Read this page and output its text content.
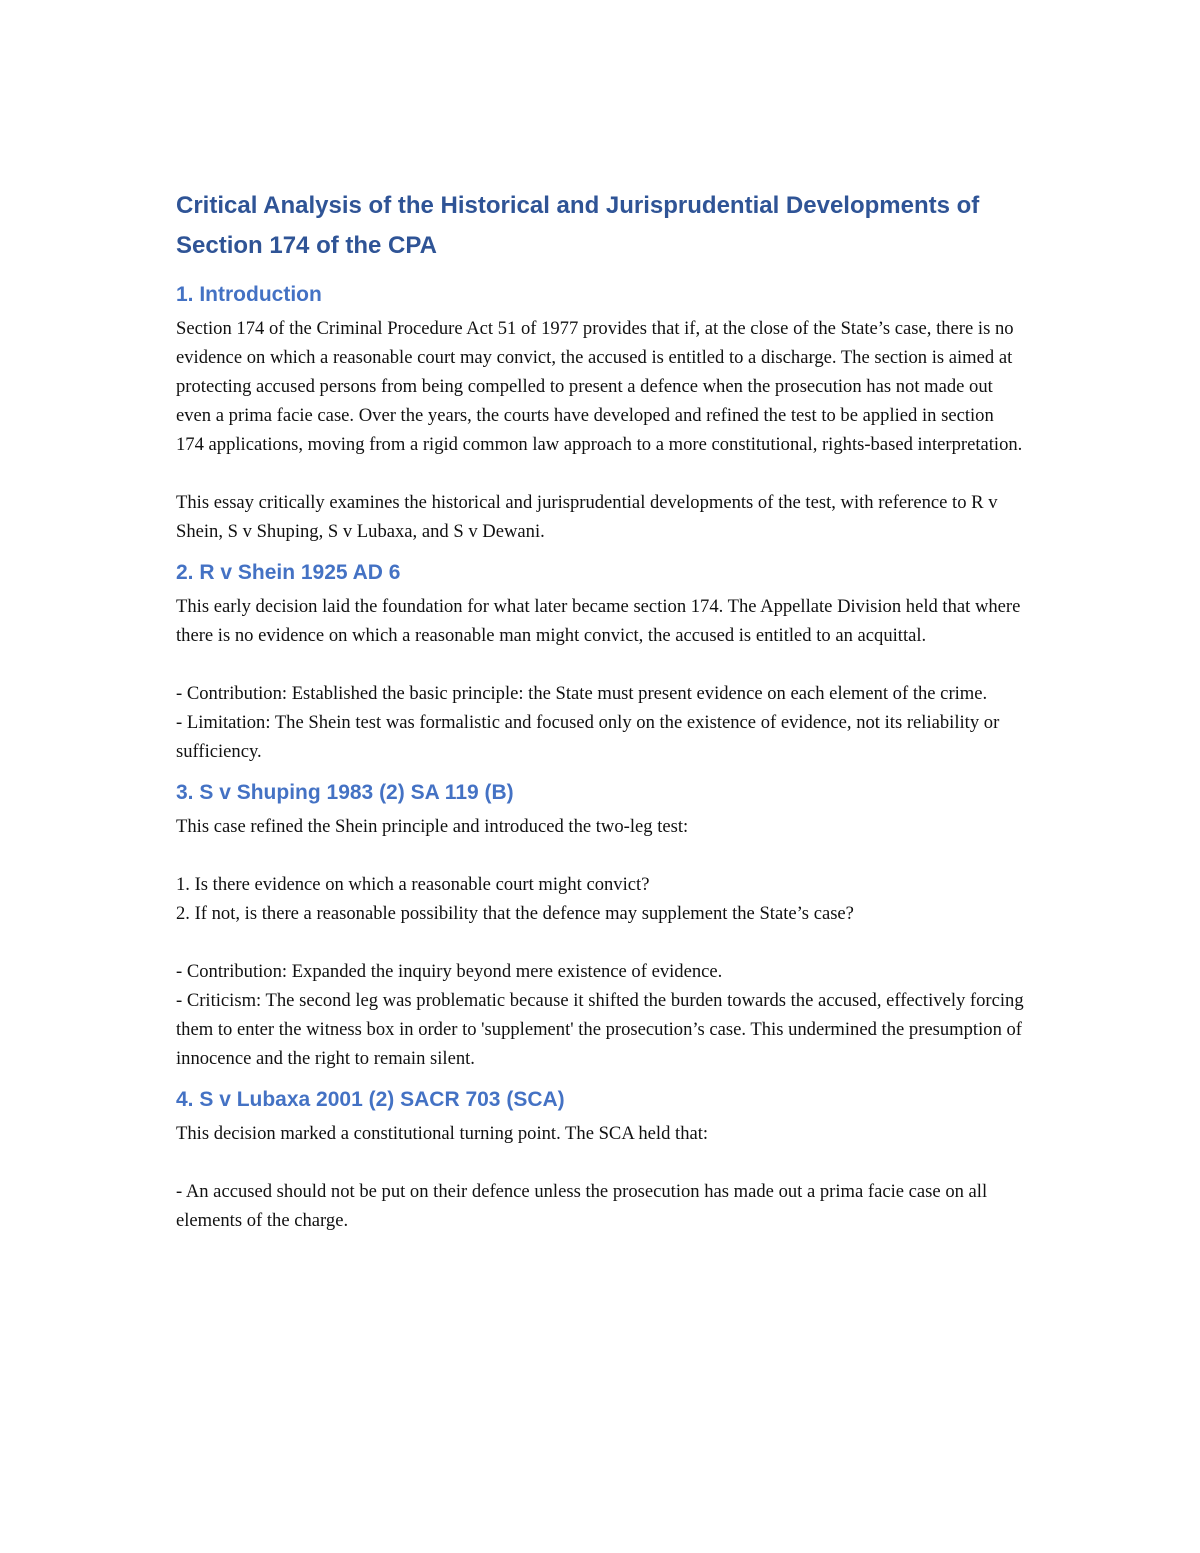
Critical Analysis of the Historical and Jurisprudential Developments of Section 174 of the CPA
1. Introduction

Section 174 of the Criminal Procedure Act 51 of 1977 provides that if, at the close of the State’s case, there is no evidence on which a reasonable court may convict, the accused is entitled to a discharge. The section is aimed at protecting accused persons from being compelled to present a defence when the prosecution has not made out even a prima facie case. Over the years, the courts have developed and refined the test to be applied in section 174 applications, moving from a rigid common law approach to a more constitutional, rights-based interpretation.

This essay critically examines the historical and jurisprudential developments of the test, with reference to R v Shein, S v Shuping, S v Lubaxa, and S v Dewani.

2. R v Shein 1925 AD 6

This early decision laid the foundation for what later became section 174. The Appellate Division held that where there is no evidence on which a reasonable man might convict, the accused is entitled to an acquittal.

- Contribution: Established the basic principle: the State must present evidence on each element of the crime.

- Limitation: The Shein test was formalistic and focused only on the existence of evidence, not its reliability or sufficiency.

3. S v Shuping 1983 (2) SA 119 (B)

This case refined the Shein principle and introduced the two-leg test:

1. Is there evidence on which a reasonable court might convict?

2. If not, is there a reasonable possibility that the defence may supplement the State’s case?

- Contribution: Expanded the inquiry beyond mere existence of evidence.

- Criticism: The second leg was problematic because it shifted the burden towards the accused, effectively forcing them to enter the witness box in order to 'supplement' the prosecution’s case. This undermined the presumption of innocence and the right to remain silent.

4. S v Lubaxa 2001 (2) SACR 703 (SCA)

This decision marked a constitutional turning point. The SCA held that:

- An accused should not be put on their defence unless the prosecution has made out a prima facie case on all elements of the charge.
